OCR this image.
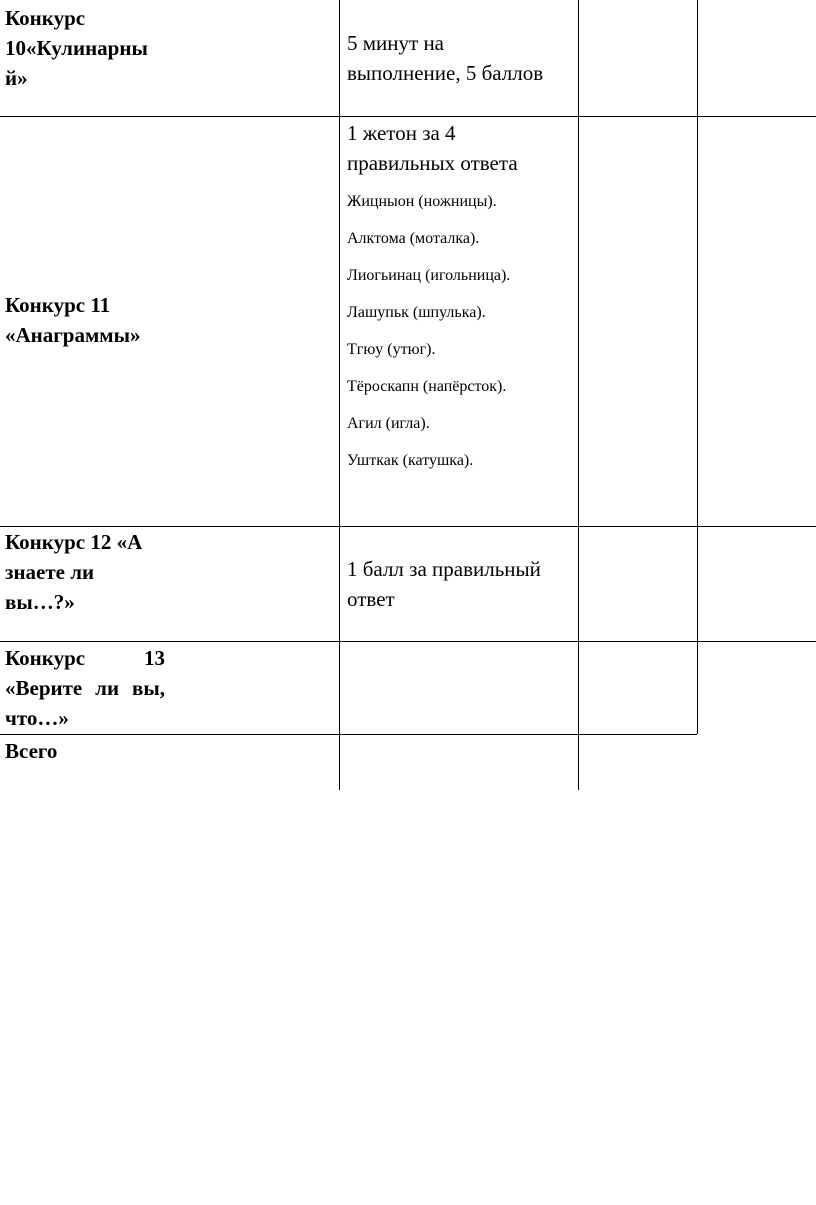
Конкурс
10«Кулинарны
й»
5 минут на
выполнение, 5 баллов
Конкурс 11
«Анаграммы»
1 жетон за 4
правильных ответа
Жицныон (ножницы).
Алктома (моталка).
Лиогьинац (игольница).
Лашупьк (шпулька).
Тгюу (утюг).
Тёроскапн (напёрсток).
Агил (игла).
Ушткак (катушка).
Конкурс 12 «А
знаете ли
вы…?»
1 балл за правильный
ответ
Конкурс	13
«Верите ли вы,
что…»
Всего
